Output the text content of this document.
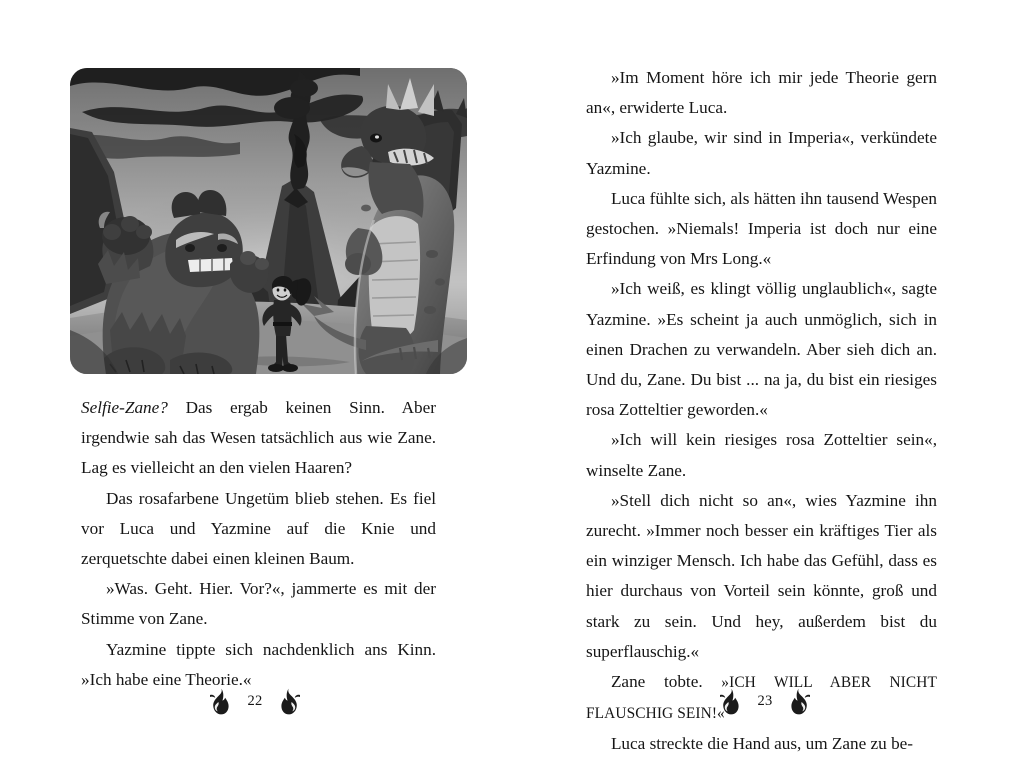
Selfie-Zane? Das ergab keinen Sinn. Aber irgendwie sah das Wesen tatsächlich aus wie Zane. Lag es vielleicht an den vielen Haaren?

Das rosafarbene Ungetüm blieb stehen. Es fiel vor Luca und Yazmine auf die Knie und zerquetschte dabei einen kleinen Baum.

»Was. Geht. Hier. Vor?«, jammerte es mit der Stimme von Zane.

Yazmine tippte sich nachdenklich ans Kinn. »Ich habe eine Theorie.«

22

»Im Moment höre ich mir jede Theorie gern an«, erwiderte Luca.

»Ich glaube, wir sind in Imperia«, verkündete Yazmine.

Luca fühlte sich, als hätten ihn tausend Wespen gestochen. »Niemals! Imperia ist doch nur eine Erfindung von Mrs Long.«

»Ich weiß, es klingt völlig unglaublich«, sagte Yazmine. »Es scheint ja auch unmöglich, sich in einen Drachen zu verwandeln. Aber sieh dich an. Und du, Zane. Du bist ... na ja, du bist ein riesiges rosa Zotteltier geworden.«

»Ich will kein riesiges rosa Zotteltier sein«, winselte Zane.

»Stell dich nicht so an«, wies Yazmine ihn zurecht. »Immer noch besser ein kräftiges Tier als ein winziger Mensch. Ich habe das Gefühl, dass es hier durchaus von Vorteil sein könnte, groß und stark zu sein. Und hey, außerdem bist du superflauschig.«

Zane tobte. »ICH WILL ABER NICHT FLAUSCHIG SEIN!«

Luca streckte die Hand aus, um Zane zu be-

23
